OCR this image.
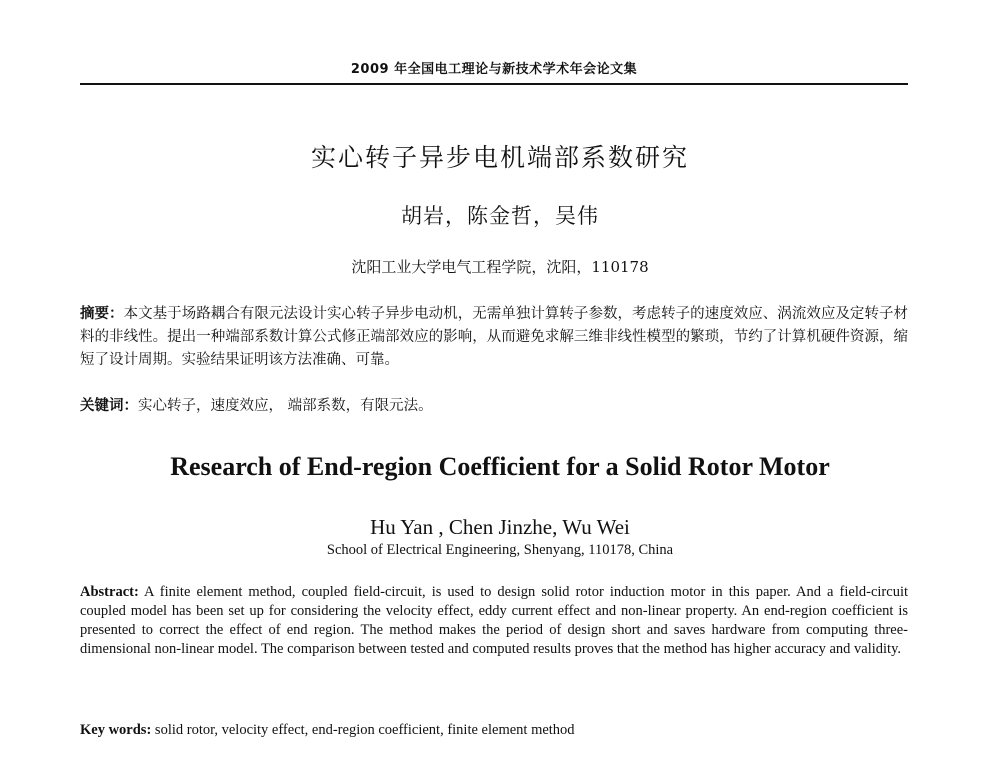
2009 年全国电工理论与新技术学术年会论文集
实心转子异步电机端部系数研究
胡岩，陈金哲，吴伟
沈阳工业大学电气工程学院，沈阳，110178
摘要：本文基于场路耦合有限元法设计实心转子异步电动机，无需单独计算转子参数，考虑转子的速度效应、涡流效应及定转子材料的非线性。提出一种端部系数计算公式修正端部效应的影响，从而避免求解三维非线性模型的繁琐，节约了计算机硬件资源，缩短了设计周期。实验结果证明该方法准确、可靠。
关键词：实心转子，速度效应， 端部系数，有限元法。
Research of End-region Coefficient for a Solid Rotor Motor
Hu Yan , Chen Jinzhe, Wu Wei
School of Electrical Engineering, Shenyang, 110178, China
Abstract: A finite element method, coupled field-circuit, is used to design solid rotor induction motor in this paper. And a field-circuit coupled model has been set up for considering the velocity effect, eddy current effect and non-linear property. An end-region coefficient is presented to correct the effect of end region. The method makes the period of design short and saves hardware from computing three-dimensional non-linear model. The comparison between tested and computed results proves that the method has higher accuracy and validity.
Key words: solid rotor, velocity effect, end-region coefficient, finite element method
